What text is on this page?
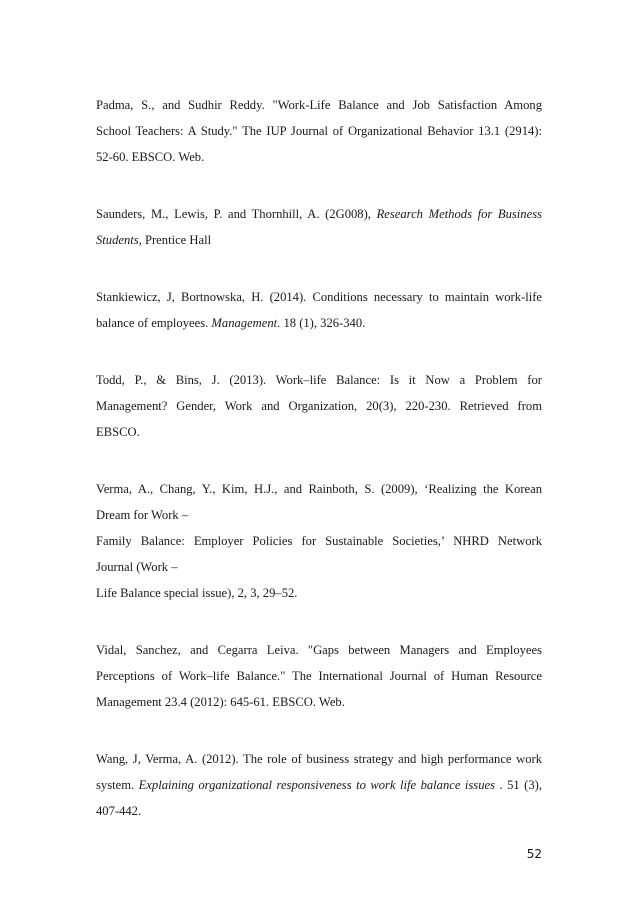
Padma, S., and Sudhir Reddy. "Work-Life Balance and Job Satisfaction Among
School Teachers: A Study." The IUP Journal of Organizational Behavior 13.1 (2914):
52-60. EBSCO. Web.

Saunders, M., Lewis, P. and Thornhill, A. (2G008), Research Methods for Business
Students, Prentice Hall

Stankiewicz, J, Bortnowska, H. (2014). Conditions necessary to maintain work-life
balance of employees. Management. 18 (1), 326-340.

Todd, P., & Bins, J. (2013). Work–life Balance: Is it Now a Problem for
Management? Gender, Work and Organization, 20(3), 220-230. Retrieved from
EBSCO.

Verma, A., Chang, Y., Kim, H.J., and Rainboth, S. (2009), ‘Realizing the Korean
Dream for Work –
Family Balance: Employer Policies for Sustainable Societies,’ NHRD Network
Journal (Work –
Life Balance special issue), 2, 3, 29–52.

Vidal, Sanchez, and Cegarra Leiva. "Gaps between Managers and Employees
Perceptions of Work–life Balance." The International Journal of Human Resource
Management 23.4 (2012): 645-61. EBSCO. Web.

Wang, J, Verma, A. (2012). The role of business strategy and high performance work
system. Explaining organizational responsiveness to work life balance issues . 51 (3),
407-442.

52
